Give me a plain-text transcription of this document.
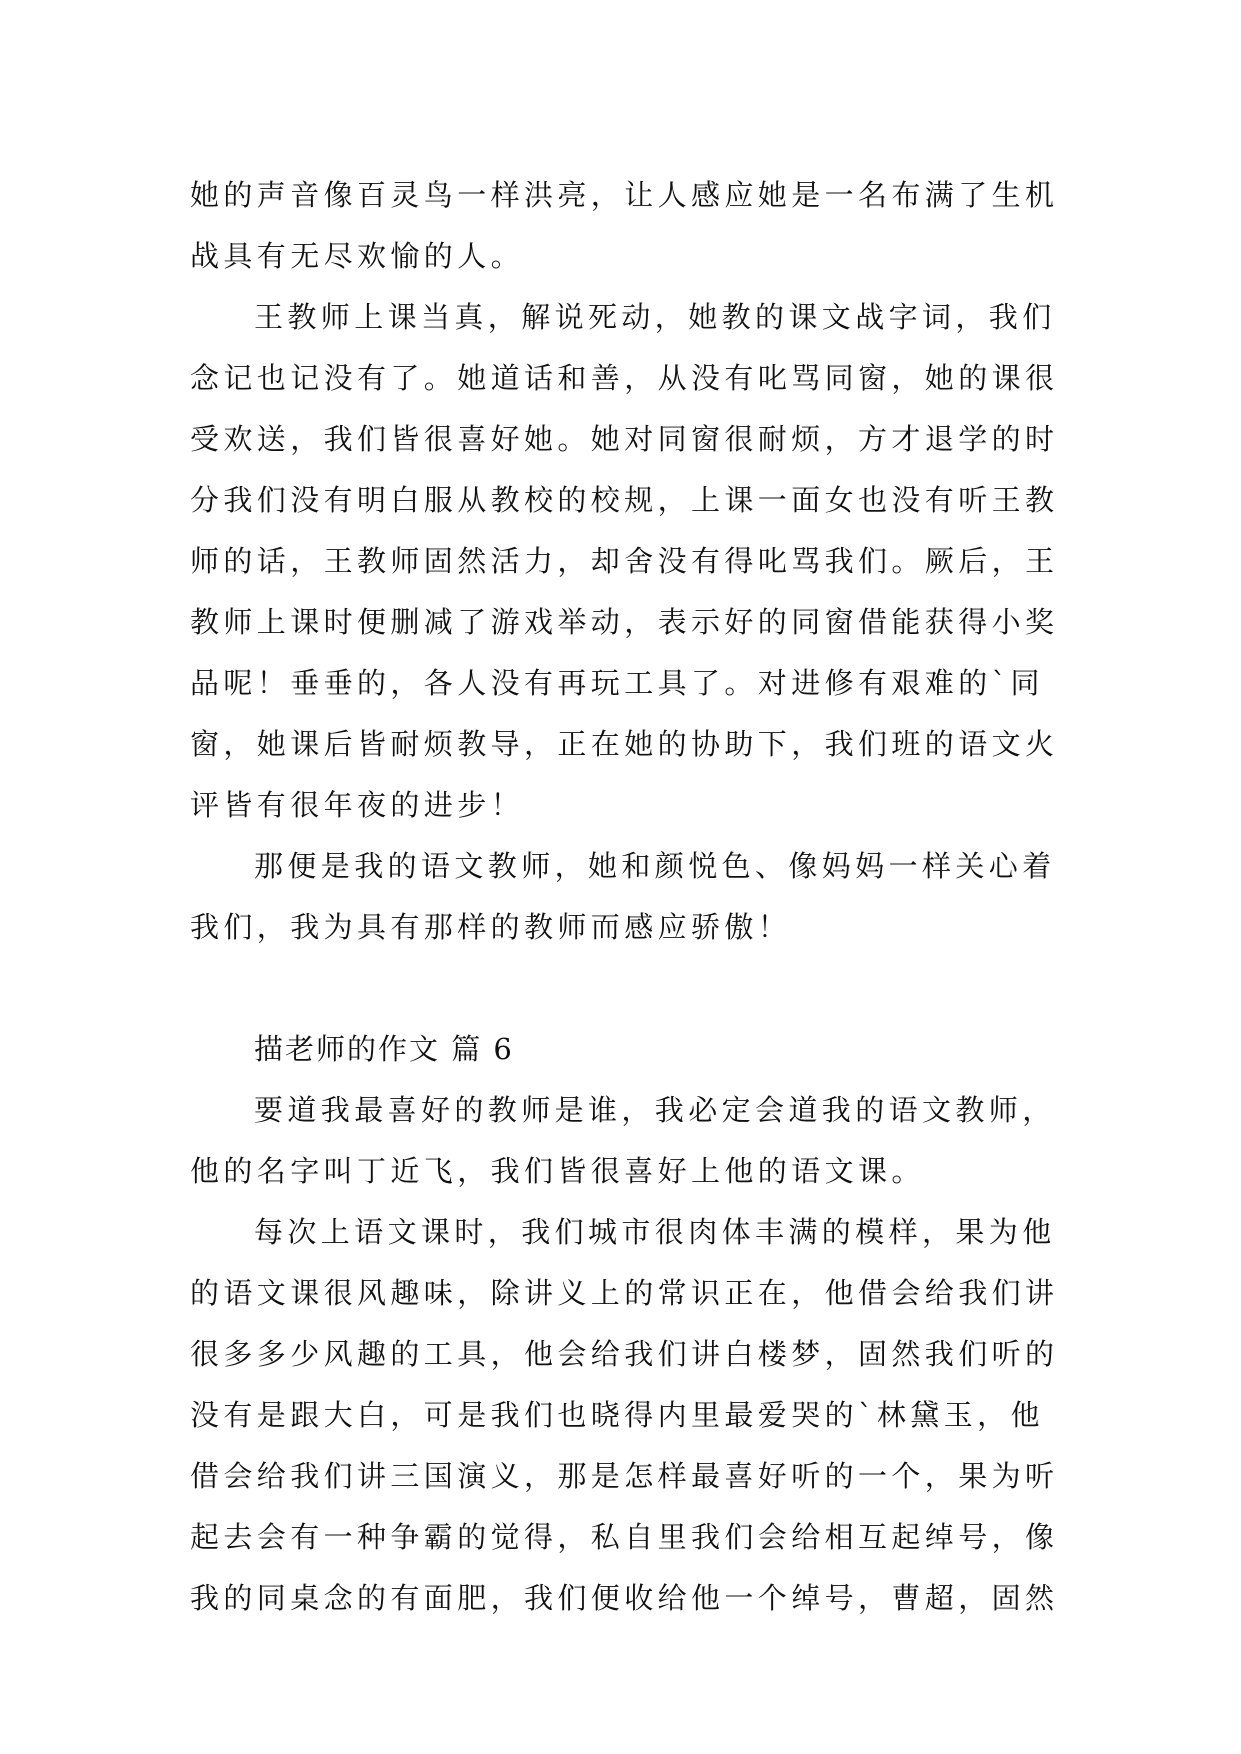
她的声音像百灵鸟一样洪亮，让人感应她是一名布满了生机战具有无尽欢愉的人。

王教师上课当真，解说死动，她教的课文战字词，我们念记也记没有了。她道话和善，从没有叱骂同窗，她的课很受欢送，我们皆很喜好她。她对同窗很耐烦，方才退学的时分我们没有明白服从教校的校规，上课一面女也没有听王教师的话，王教师固然活力，却舍没有得叱骂我们。厥后，王教师上课时便删减了游戏举动，表示好的同窗借能获得小奖品呢！垂垂的，各人没有再玩工具了。对进修有艰难的`同窗，她课后皆耐烦教导，正在她的协助下，我们班的语文火评皆有很年夜的进步！

那便是我的语文教师，她和颜悦色、像妈妈一样关心着我们，我为具有那样的教师而感应骄傲！

描老师的作文 篇 6

要道我最喜好的教师是谁，我必定会道我的语文教师，他的名字叫丁近飞，我们皆很喜好上他的语文课。

每次上语文课时，我们城市很肉体丰满的模样，果为他的语文课很风趣味，除讲义上的常识正在，他借会给我们讲很多多少风趣的工具，他会给我们讲白楼梦，固然我们听的没有是跟大白，可是我们也晓得内里最爱哭的`林黛玉，他借会给我们讲三国演义，那是怎样最喜好听的一个，果为听起去会有一种争霸的觉得，私自里我们会给相互起绰号，像我的同桌念的有面肥，我们便收给他一个绰号，曹超，固然
